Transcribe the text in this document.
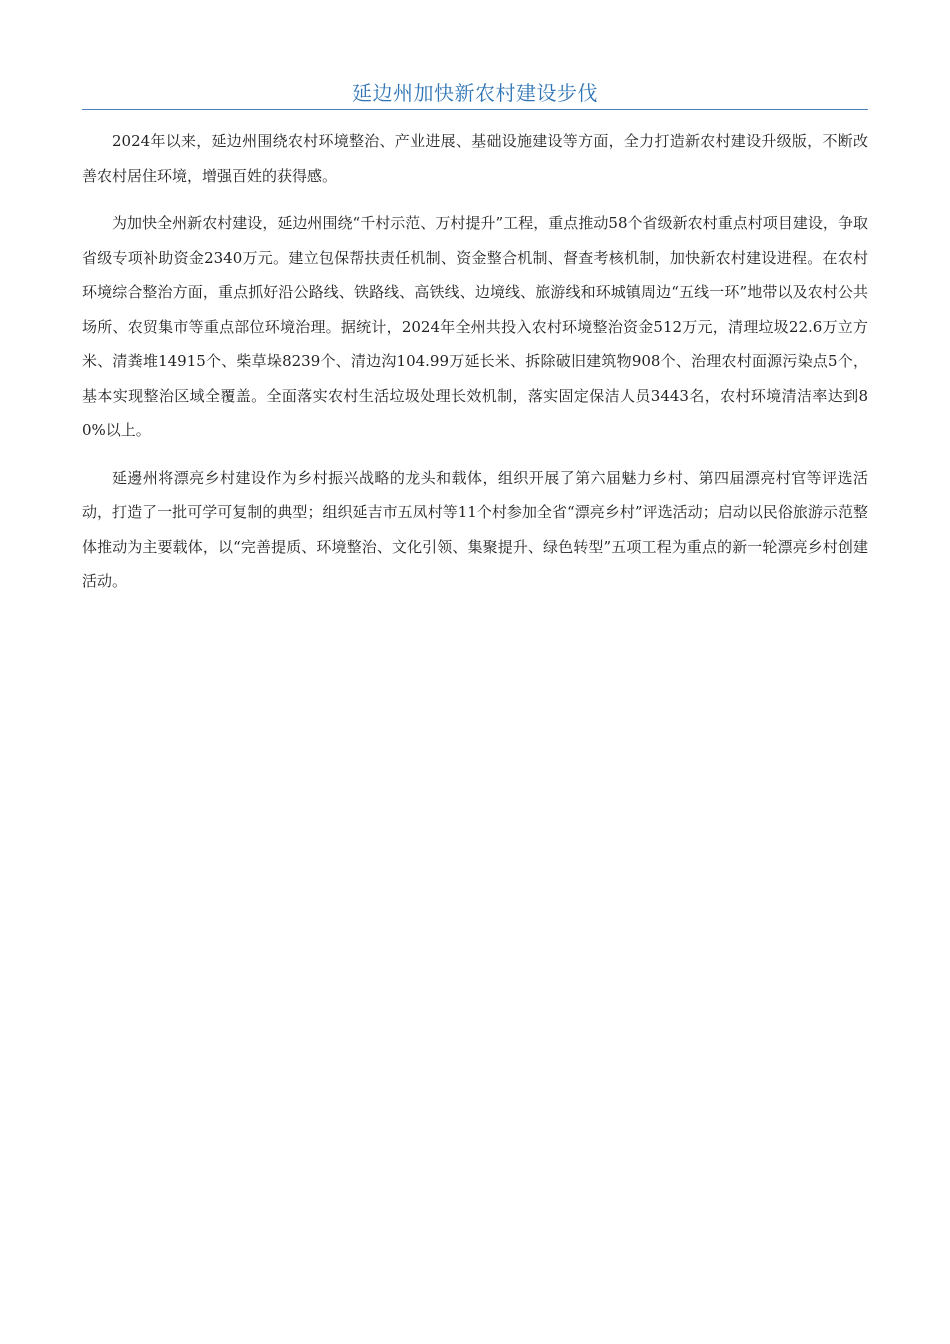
延边州加快新农村建设步伐

2024年以来，延边州围绕农村环境整治、产业进展、基础设施建设等方面，全力打造新农村建设升级版，不断改善农村居住环境，增强百姓的获得感。

为加快全州新农村建设，延边州围绕“千村示范、万村提升”工程，重点推动58个省级新农村重点村项目建设，争取省级专项补助资金2340万元。建立包保帮扶责任机制、资金整合机制、督查考核机制，加快新农村建设进程。在农村环境综合整治方面，重点抓好沿公路线、铁路线、高铁线、边境线、旅游线和环城镇周边“五线一环”地带以及农村公共场所、农贸集市等重点部位环境治理。据统计，2024年全州共投入农村环境整治资金512万元，清理垃圾22.6万立方米、清粪堆14915个、柴草垛8239个、清边沟104.99万延长米、拆除破旧建筑物908个、治理农村面源污染点5个，基本实现整治区域全覆盖。全面落实农村生活垃圾处理长效机制，落实固定保洁人员3443名，农村环境清洁率达到80%以上。

延邊州将漂亮乡村建设作为乡村振兴战略的龙头和载体，组织开展了第六届魅力乡村、第四届漂亮村官等评选活动，打造了一批可学可复制的典型；组织延吉市五凤村等11个村参加全省“漂亮乡村”评选活动；启动以民俗旅游示范整体推动为主要载体，以“完善提质、环境整治、文化引领、集聚提升、绿色转型”五项工程为重点的新一轮漂亮乡村创建活动。
